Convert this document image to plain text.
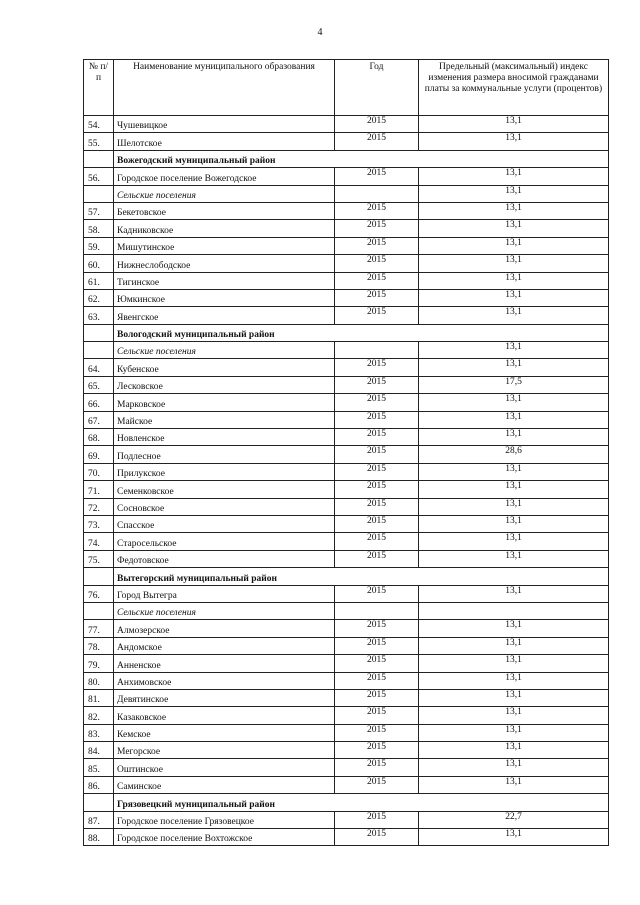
4
№ п/п	Наименование муниципального образования	Год	Предельный (максимальный) индекс изменения размера вносимой гражданами платы за коммунальные услуги (процентов)
54.	Чушевицкое	2015	13,1
55.	Шелотское	2015	13,1
	Вожегодский муниципальный район		
56.	Городское поселение Вожегодское	2015	13,1
	Сельские поселения		13,1
57.	Бекетовское	2015	13,1
58.	Кадниковское	2015	13,1
59.	Мишутинское	2015	13,1
60.	Нижнеслободское	2015	13,1
61.	Тигинское	2015	13,1
62.	Юмкинское	2015	13,1
63.	Явенгское	2015	13,1
	Вологодский муниципальный район		
	Сельские поселения		13,1
64.	Кубенское	2015	13,1
65.	Лесковское	2015	17,5
66.	Марковское	2015	13,1
67.	Майское	2015	13,1
68.	Новленское	2015	13,1
69.	Подлесное	2015	28,6
70.	Прилукское	2015	13,1
71.	Семенковское	2015	13,1
72.	Сосновское	2015	13,1
73.	Спасское	2015	13,1
74.	Старосельское	2015	13,1
75.	Федотовское	2015	13,1
	Вытегорский муниципальный район		
76.	Город Вытегра	2015	13,1
	Сельские поселения		
77.	Алмозерское	2015	13,1
78.	Андомское	2015	13,1
79.	Анненское	2015	13,1
80.	Анхимовское	2015	13,1
81.	Девятинское	2015	13,1
82.	Казаковское	2015	13,1
83.	Кемское	2015	13,1
84.	Мегорское	2015	13,1
85.	Оштинское	2015	13,1
86.	Саминское	2015	13,1
	Грязовецкий муниципальный район		
87.	Городское поселение Грязовецкое	2015	22,7
88.	Городское поселение Вохтожское	2015	13,1
